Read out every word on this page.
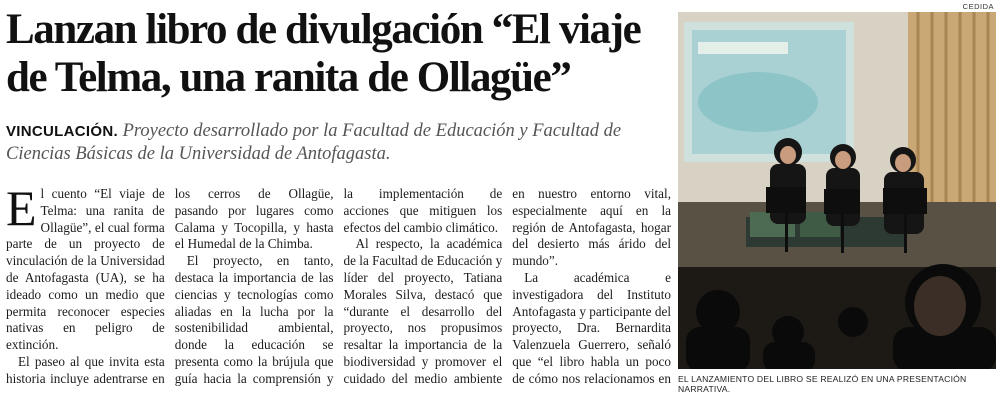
Lanzan libro de divulgación “El viaje de Telma, una ranita de Ollagüe”
VINCULACIÓN. Proyecto desarrollado por la Facultad de Educación y Facultad de Ciencias Básicas de la Universidad de Antofagasta.

El cuento “El viaje de Telma: una ranita de Ollagüe”, el cual forma parte de un proyecto de vinculación de la Universidad de Antofagasta (UA), se ha ideado como un medio que permita reconocer especies nativas en peligro de extinción.

El paseo al que invita esta historia incluye adentrarse en los cerros de Ollagüe, pasando por lugares como Calama y Tocopilla, y hasta el Humedal de la Chimba.

El proyecto, en tanto, destaca la importancia de las ciencias y tecnologías como aliadas en la lucha por la sostenibilidad ambiental, donde la educación se presenta como la brújula que guía hacia la comprensión y la implementación de acciones que mitiguen los efectos del cambio climático.

Al respecto, la académica de la Facultad de Educación y líder del proyecto, Tatiana Morales Silva, destacó que “durante el desarrollo del proyecto, nos propusimos resaltar la importancia de la biodiversidad y promover el cuidado del medio ambiente en nuestro entorno vital, especialmente aquí en la región de Antofagasta, hogar del desierto más árido del mundo”.

La académica e investigadora del Instituto Antofagasta y participante del proyecto, Dra. Bernardita Valenzuela Guerrero, señaló que “el libro habla un poco de cómo nos relacionamos en

CEDIDA
EL LANZAMIENTO DEL LIBRO SE REALIZÓ EN UNA PRESENTACIÓN NARRATIVA.
